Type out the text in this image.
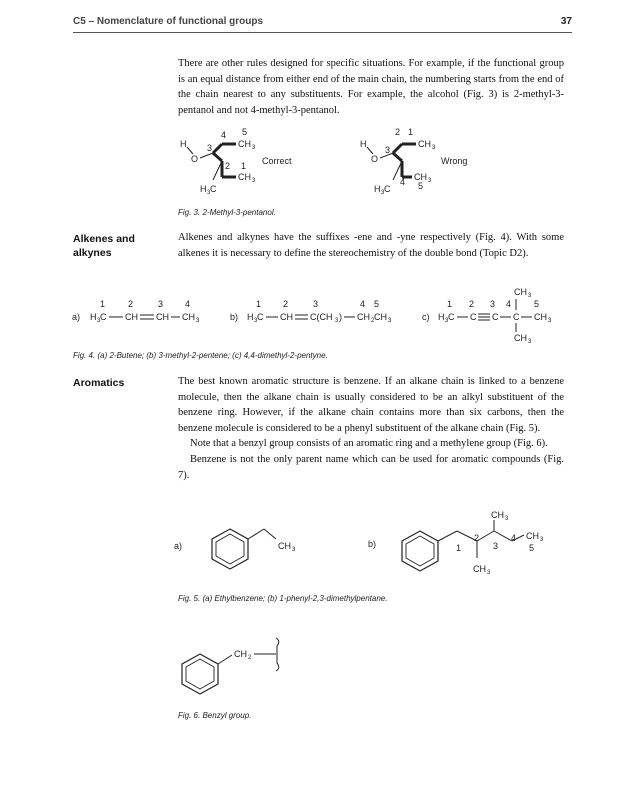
C5 – Nomenclature of functional groups	37

There are other rules designed for specific situations. For example, if the functional group is an equal distance from either end of the main chain, the numbering starts from the end of the chain nearest to any substituents. For example, the alcohol (Fig. 3) is 2-methyl-3-pentanol and not 4-methyl-3-pentanol.

H
O
CH 3
CH 3
H 3 C
3
4 5
2 1 Correct
H
O
CH 3
CH 3
H 3 C
3
2 1
4 5
Wrong
Fig. 3. 2-Methyl-3-pentanol.
Alkenes and alkynes

Alkenes and alkynes have the suffixes -ene and -yne respectively (Fig. 4). With some alkenes it is necessary to define the stereochemistry of the double bond (Topic D2).

a)
1	2	3 4
H 3 C CH CH CH 3	b)
1 2	3	4 5
H 3 C CH C(CH 3 ) CH 2 CH 3	c)
1 2 3 4	5
CH 3
H 3 C C C C CH 3
CH 3
Fig. 4. (a) 2-Butene; (b) 3-methyl-2-pentene; (c) 4,4-dimethyl-2-pentyne.
Aromatics	The best known aromatic structure is benzene. If an alkane chain is linked to a benzene molecule, then the alkane chain is usually considered to be an alkyl substituent of the benzene ring. However, if the alkane chain contains more than six carbons, then the benzene molecule is considered to be a phenyl substituent of the alkane chain (Fig. 5).

Note that a benzyl group consists of an aromatic ring and a methylene group (Fig. 6).

Benzene is not the only parent name which can be used for aromatic compounds (Fig. 7).

a)	CH 3
b)
CH 3
CH 3
CH 3
1
2
3
4
5
Fig. 5. (a) Ethylbenzene; (b) 1-phenyl-2,3-dimethylpentane.
CH 2
Fig. 6. Benzyl group.
